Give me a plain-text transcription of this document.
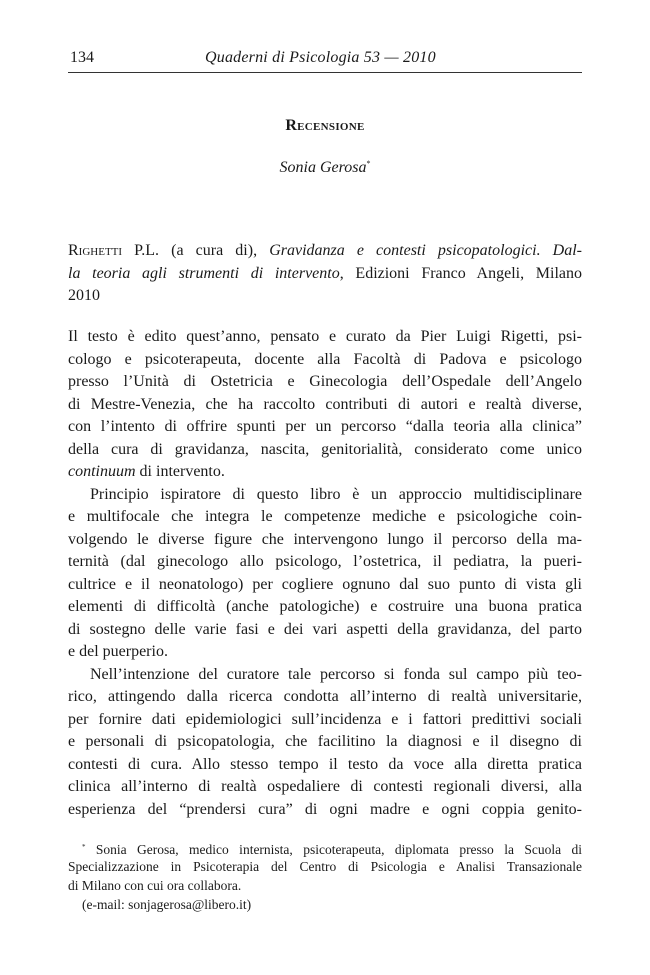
134	Quaderni di Psicologia 53 — 2010
Recensione
Sonia Gerosa*
Righetti P.L. (a cura di), Gravidanza e contesti psicopatologici. Dal-
la teoria agli strumenti di intervento, Edizioni Franco Angeli, Milano
2010
Il testo è edito quest’anno, pensato e curato da Pier Luigi Rigetti, psi-
cologo e psicoterapeuta, docente alla Facoltà di Padova e psicologo
presso l’Unità di Ostetricia e Ginecologia dell’Ospedale dell’Angelo
di Mestre-Venezia, che ha raccolto contributi di autori e realtà diverse,
con l’intento di offrire spunti per un percorso “dalla teoria alla clinica”
della cura di gravidanza, nascita, genitorialità, considerato come unico
continuum di intervento.
Principio ispiratore di questo libro è un approccio multidisciplinare
e multifocale che integra le competenze mediche e psicologiche coin-
volgendo le diverse figure che intervengono lungo il percorso della ma-
ternità (dal ginecologo allo psicologo, l’ostetrica, il pediatra, la pueri-
cultrice e il neonatologo) per cogliere ognuno dal suo punto di vista gli
elementi di difficoltà (anche patologiche) e costruire una buona pratica
di sostegno delle varie fasi e dei vari aspetti della gravidanza, del parto
e del puerperio.
Nell’intenzione del curatore tale percorso si fonda sul campo più teo-
rico, attingendo dalla ricerca condotta all’interno di realtà universitarie,
per fornire dati epidemiologici sull’incidenza e i fattori predittivi sociali
e personali di psicopatologia, che facilitino la diagnosi e il disegno di
contesti di cura. Allo stesso tempo il testo da voce alla diretta pratica
clinica all’interno di realtà ospedaliere di contesti regionali diversi, alla
esperienza del “prendersi cura” di ogni madre e ogni coppia genito-
* Sonia Gerosa, medico internista, psicoterapeuta, diplomata presso la Scuola di
Specializzazione in Psicoterapia del Centro di Psicologia e Analisi Transazionale
di Milano con cui ora collabora.
(e-mail: sonjagerosa@libero.it)
